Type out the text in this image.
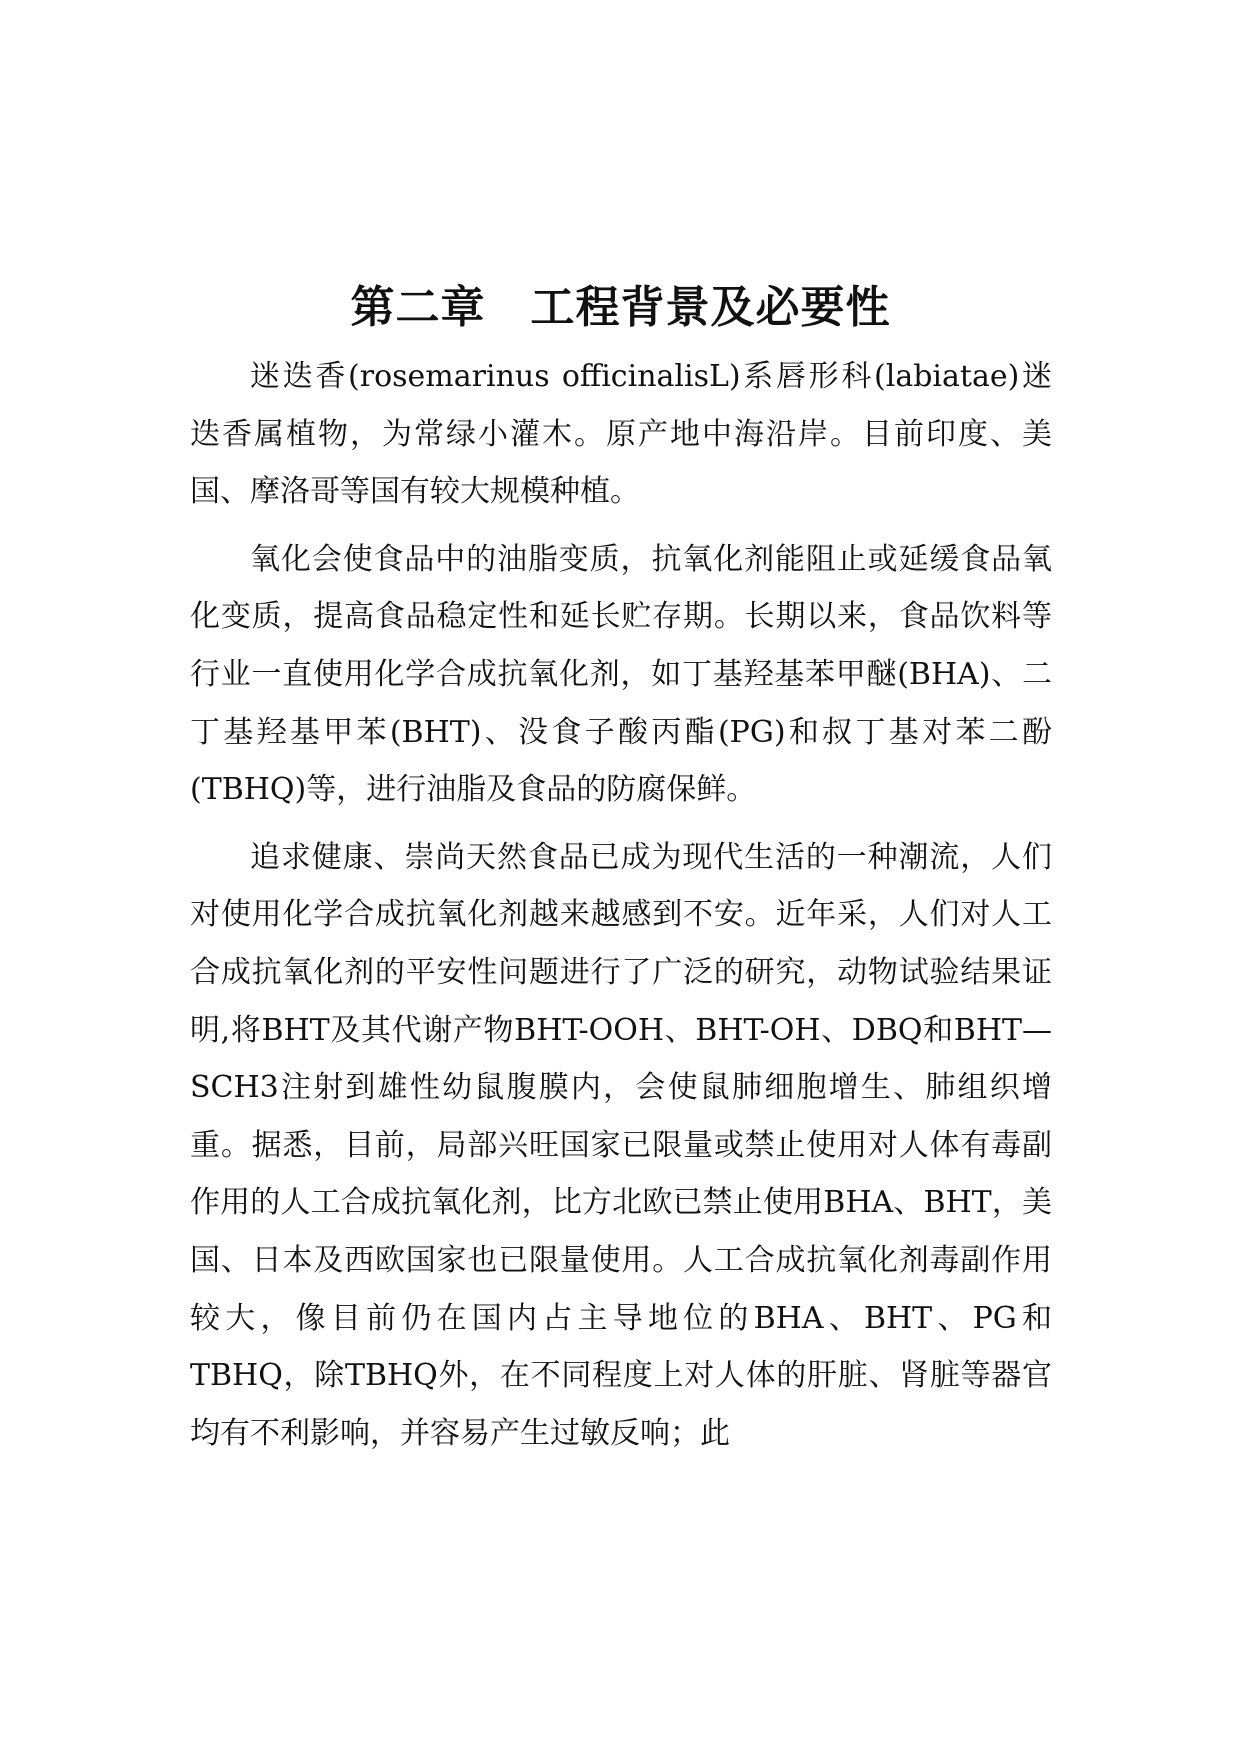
第二章　工程背景及必要性

迷迭香(rosemarinus officinalisL)系唇形科(labiatae)迷迭香属植物，为常绿小灌木。原产地中海沿岸。目前印度、美国、摩洛哥等国有较大规模种植。

氧化会使食品中的油脂变质，抗氧化剂能阻止或延缓食品氧化变质，提高食品稳定性和延长贮存期。长期以来，食品饮料等行业一直使用化学合成抗氧化剂，如丁基羟基苯甲醚(BHA)、二丁基羟基甲苯(BHT)、没食子酸丙酯(PG)和叔丁基对苯二酚(TBHQ)等，进行油脂及食品的防腐保鲜。

追求健康、崇尚天然食品已成为现代生活的一种潮流，人们对使用化学合成抗氧化剂越来越感到不安。近年采，人们对人工合成抗氧化剂的平安性问题进行了广泛的研究，动物试验结果证明,将BHT及其代谢产物BHT-OOH、BHT-OH、DBQ和BHT—SCH3注射到雄性幼鼠腹膜内，会使鼠肺细胞增生、肺组织增重。据悉，目前，局部兴旺国家已限量或禁止使用对人体有毒副作用的人工合成抗氧化剂，比方北欧已禁止使用BHA、BHT，美国、日本及西欧国家也已限量使用。人工合成抗氧化剂毒副作用较大，像目前仍在国内占主导地位的BHA、BHT、PG和TBHQ，除TBHQ外，在不同程度上对人体的肝脏、肾脏等器官均有不利影响，并容易产生过敏反响；此
